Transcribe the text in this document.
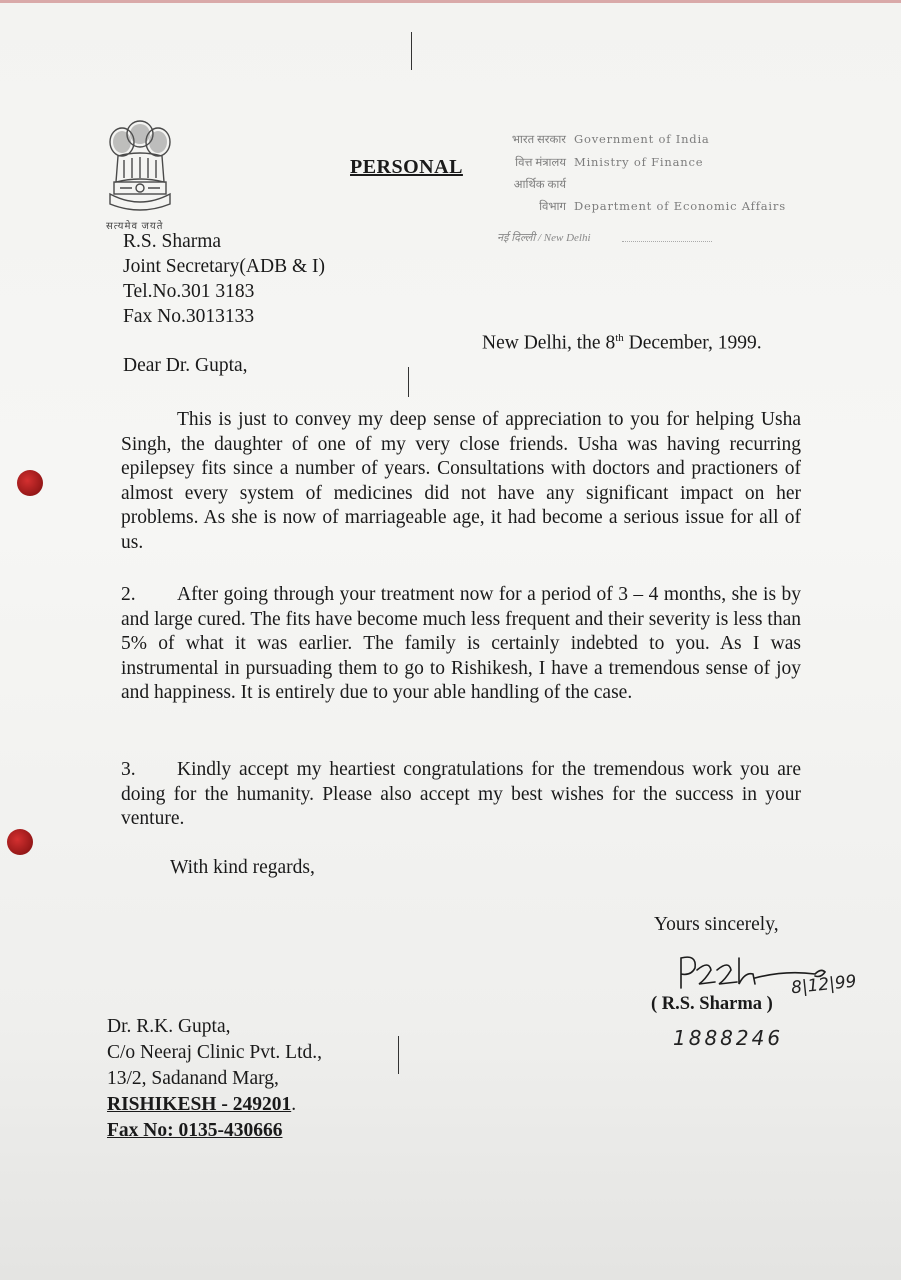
सत्यमेव जयते
PERSONAL
भारत सरकार Government of India
वित्त मंत्रालय Ministry of Finance
आर्थिक कार्य विभाग Department of Economic Affairs
नई दिल्ली / New Delhi
R.S. Sharma
Joint Secretary(ADB & I)
Tel.No.301 3183
Fax No.3013133
New Delhi, the 8th December, 1999.
Dear Dr. Gupta,
This is just to convey my deep sense of appreciation to you for helping Usha Singh, the daughter of one of my very close friends. Usha was having recurring epilepsey fits since a number of years. Consultations with doctors and practioners of almost every system of medicines did not have any significant impact on her problems. As she is now of marriageable age, it had become a serious issue for all of us.
2. After going through your treatment now for a period of 3 – 4 months, she is by and large cured. The fits have become much less frequent and their severity is less than 5% of what it was earlier. The family is certainly indebted to you. As I was instrumental in pursuading them to go to Rishikesh, I have a tremendous sense of joy and happiness. It is entirely due to your able handling of the case.
3. Kindly accept my heartiest congratulations for the tremendous work you are doing for the humanity. Please also accept my best wishes for the success in your venture.
With kind regards,
Yours sincerely,
8|12|99
( R.S. Sharma )
1888246
Dr. R.K. Gupta,
C/o Neeraj Clinic Pvt. Ltd.,
13/2, Sadanand Marg,
RISHIKESH - 249201.
Fax No: 0135-430666
